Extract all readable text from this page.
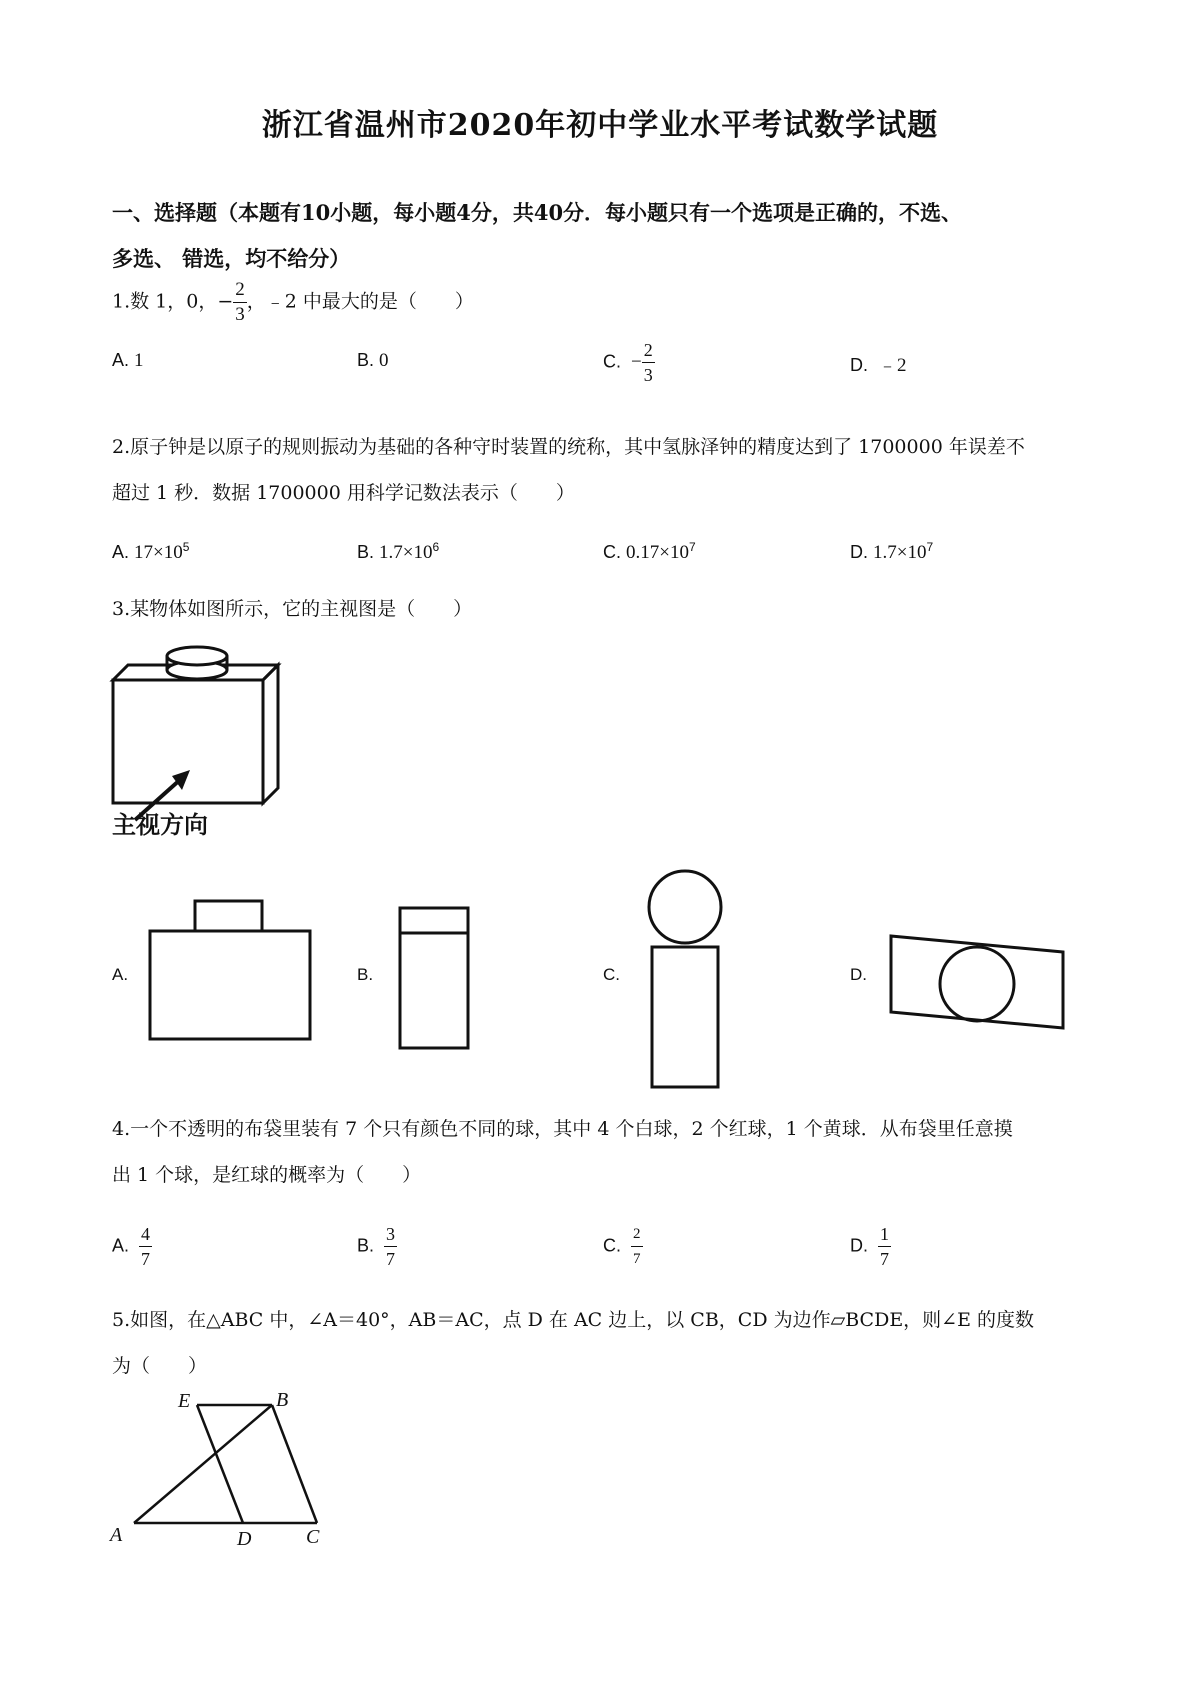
浙江省温州市2020年初中学业水平考试数学试题
一、选择题（本题有10小题，每小题4分，共40分．每小题只有一个选项是正确的，不选、
多选、 错选，均不给分）
1.数 1，0，− $\frac{2}{3}$ ，﹣2 中最大的是（　　）
A. 1	B. 0	C. − $\frac{2}{3}$	D. ﹣2
2.原子钟是以原子的规则振动为基础的各种守时装置的统称，其中氢脉泽钟的精度达到了 1700000 年误差不
超过 1 秒．数据 1700000 用科学记数法表示（　　）
A. $17\times 10^5$	B. $1.7\times 10^6$	C. $0.17\times 10^7$	D. $1.7\times 10^7$
3.某物体如图所示，它的主视图是（　　）
主视方向
A.	B.	C.	D.
4.一个不透明的布袋里装有 7 个只有颜色不同的球，其中 4 个白球，2 个红球，1 个黄球．从布袋里任意摸
出 1 个球，是红球的概率为（　　）
A. $\frac{4}{7}$	B. $\frac{3}{7}$	C. $\frac{2}{7}$	D. $\frac{1}{7}$
5.如图，在△ABC 中，∠A＝40°，AB＝AC，点 D 在 AC 边上，以 CB，CD 为边作▱BCDE，则∠E 的度数
为（　　）
E	B
A	D	C
